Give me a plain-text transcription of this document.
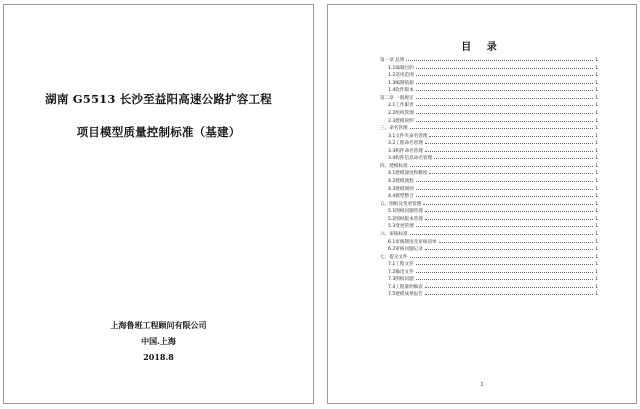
湖南 G5513 长沙至益阳高速公路扩容工程
项目模型质量控制标准（基建）
上海鲁班工程顾问有限公司
中国.上海
2018.8
目 录
第一章 总则	1
1.1编制目的	1
1.2适用范围	1
1.3编制依据	1
1.4软件版本	1
第二章 一般规定	1
2.1工作职责	1
2.2组织管理	1
2.3建模说明	1
三、命名管理	1
3.1文件夹命名管理	1
3.2工程命名管理	1
3.3构件命名管理	1
3.4构件信息命名管理	1
四、建模标准	1
4.1建模深度和精度	1
4.2建模流程	1
4.3建模细则	1
4.4模型整合	1
五、图纸及变更管理	1
5.1图纸问题管理	1
5.2图纸版本管理	1
5.3变更管理	1
六、审核标准	1
6.1审核制度及审核清单	1
6.2审核问题记录	1
七、提交文件	1
7.1工程文件	1
7.2输出文件	1
7.3图纸问题	1
7.4工程量明细表	1
7.5建模成果报告	1
1
